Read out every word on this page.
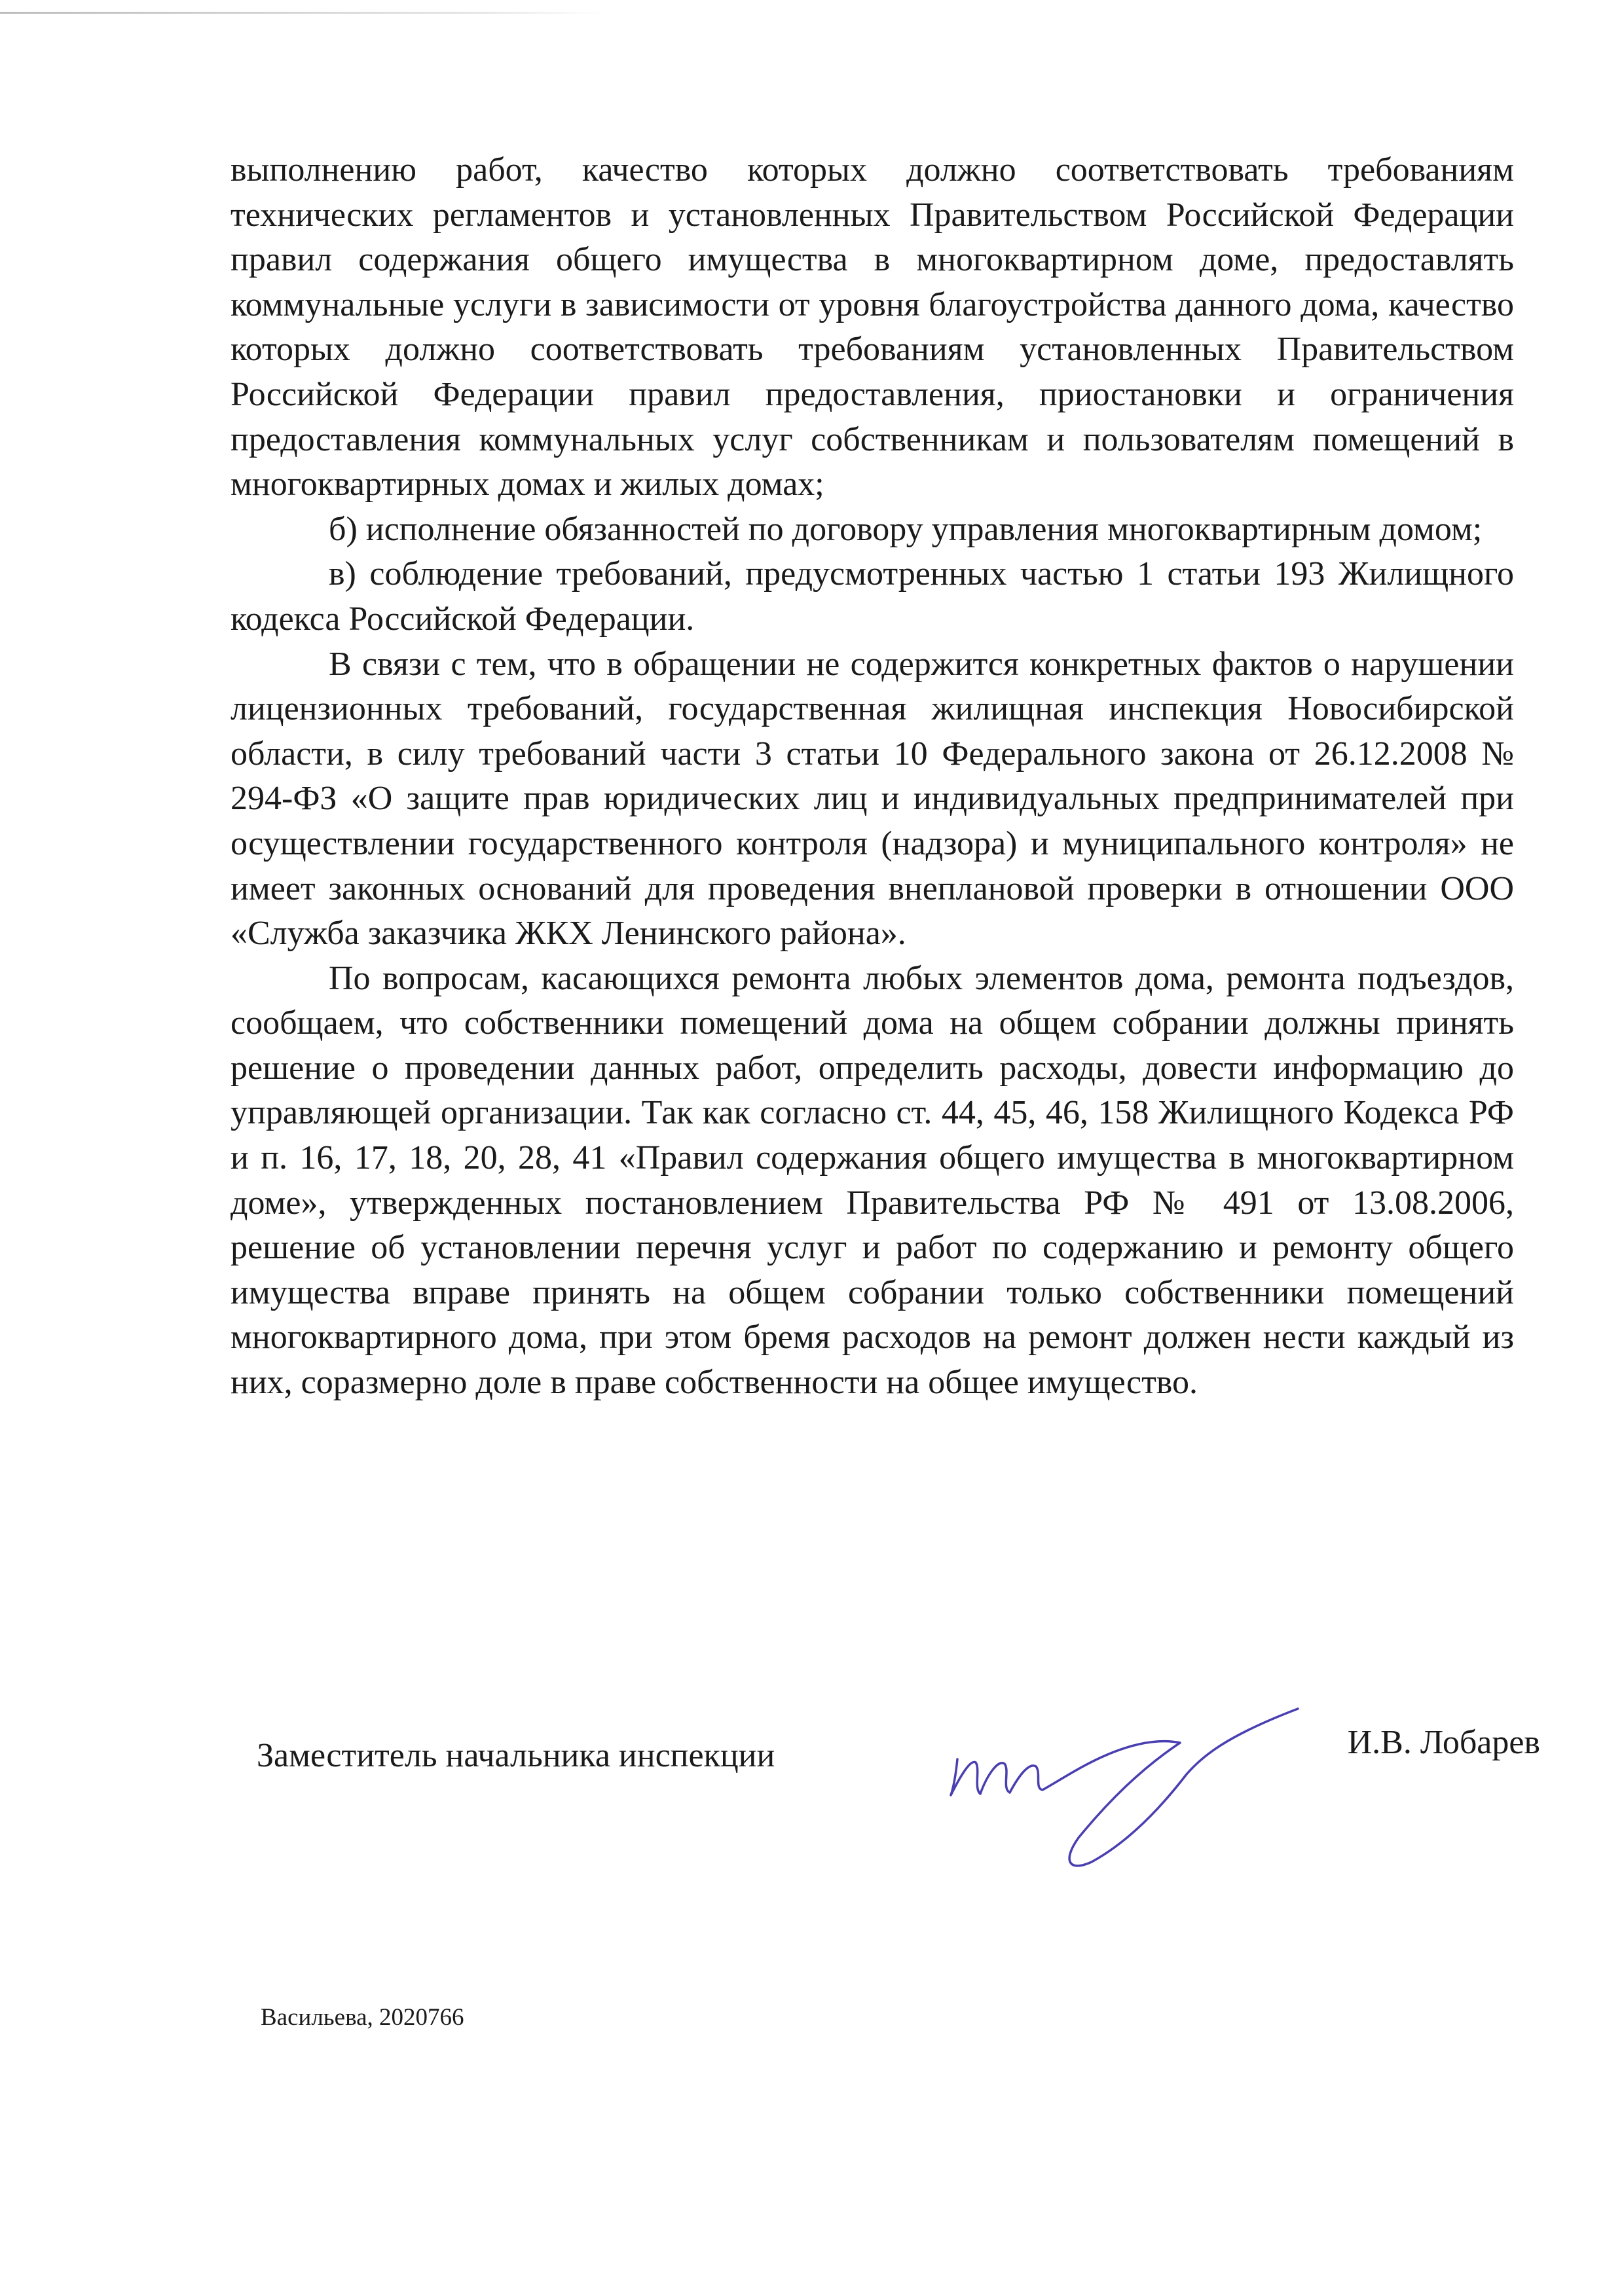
выполнению работ, качество которых должно соответствовать требованиям технических регламентов и установленных Правительством Российской Федерации правил содержания общего имущества в многоквартирном доме, предоставлять коммунальные услуги в зависимости от уровня благоустройства данного дома, качество которых должно соответствовать требованиям установленных Правительством Российской Федерации правил предоставления, приостановки и ограничения предоставления коммунальных услуг собственникам и пользователям помещений в многоквартирных домах и жилых домах;

б) исполнение обязанностей по договору управления многоквартирным домом;

в) соблюдение требований, предусмотренных частью 1 статьи 193 Жилищного кодекса Российской Федерации.

В связи с тем, что в обращении не содержится конкретных фактов о нарушении лицензионных требований, государственная жилищная инспекция Новосибирской области, в силу требований части 3 статьи 10 Федерального закона от 26.12.2008 № 294-ФЗ «О защите прав юридических лиц и индивидуальных предпринимателей при осуществлении государственного контроля (надзора) и муниципального контроля» не имеет законных оснований для проведения внеплановой проверки в отношении ООО «Служба заказчика ЖКХ Ленинского района».

По вопросам, касающихся ремонта любых элементов дома, ремонта подъездов, сообщаем, что собственники помещений дома на общем собрании должны принять решение о проведении данных работ, определить расходы, довести информацию до управляющей организации. Так как согласно ст. 44, 45, 46, 158 Жилищного Кодекса РФ и п. 16, 17, 18, 20, 28, 41 «Правил содержания общего имущества в многоквартирном доме», утвержденных постановлением Правительства РФ № 491 от 13.08.2006, решение об установлении перечня услуг и работ по содержанию и ремонту общего имущества вправе принять на общем собрании только собственники помещений многоквартирного дома, при этом бремя расходов на ремонт должен нести каждый из них, соразмерно доле в праве собственности на общее имущество.

Заместитель начальника инспекции	И.В. Лобарев
Васильева, 2020766
